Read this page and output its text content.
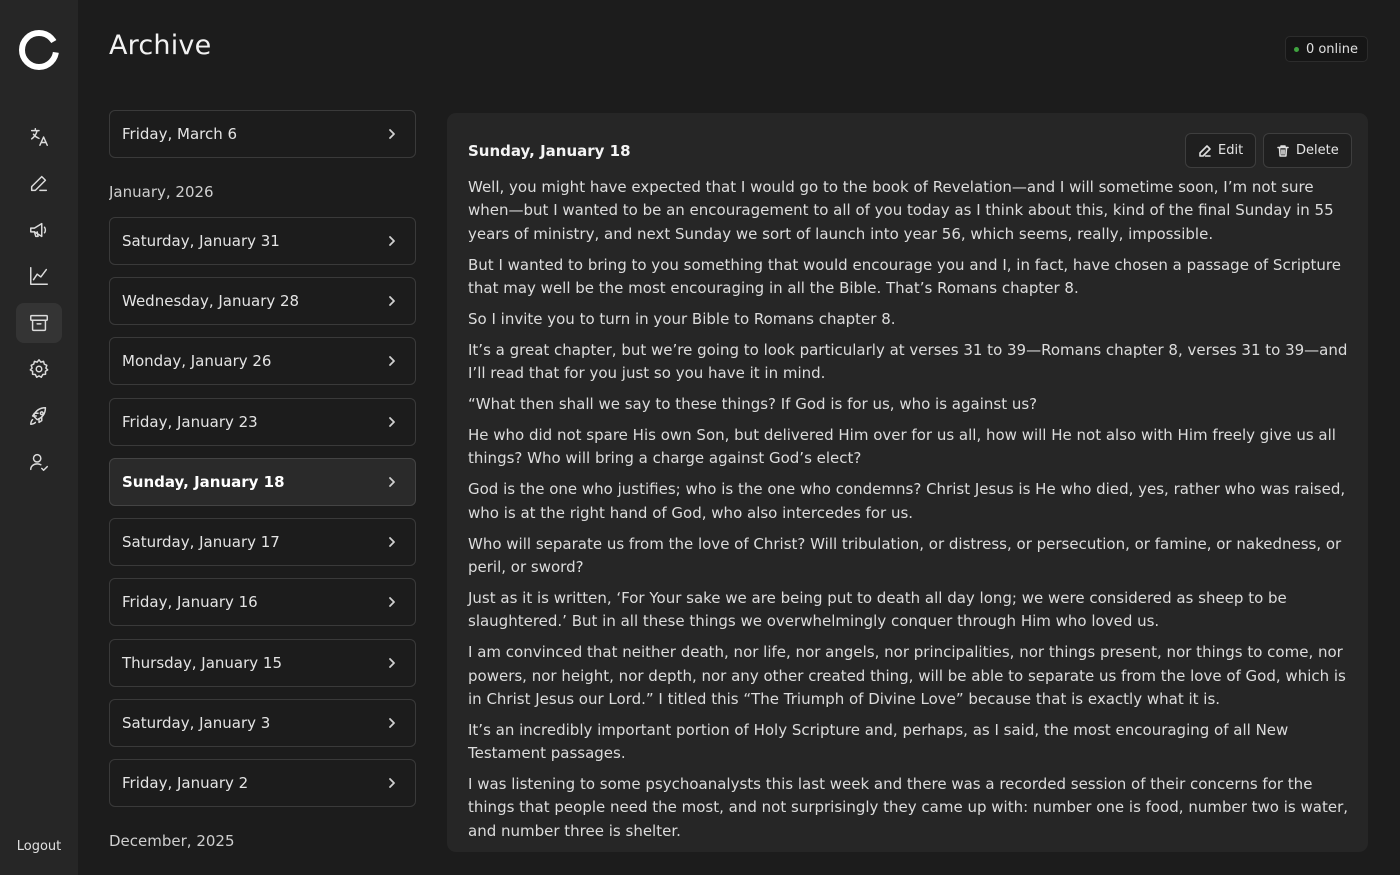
Logout
Archive	0 online
Friday, March 6
January, 2026
Saturday, January 31
Wednesday, January 28
Monday, January 26
Friday, January 23
Sunday, January 18
Saturday, January 17
Friday, January 16
Thursday, January 15
Saturday, January 3
Friday, January 2
December, 2025
Sunday, January 18	Edit	Delete

Well, you might have expected that I would go to the book of Revelation—and I will sometime soon, I’m not sure when—but I wanted to be an encouragement to all of you today as I think about this, kind of the final Sunday in 55 years of ministry, and next Sunday we sort of launch into year 56, which seems, really, impossible.

But I wanted to bring to you something that would encourage you and I, in fact, have chosen a passage of Scripture that may well be the most encouraging in all the Bible. That’s Romans chapter 8.

So I invite you to turn in your Bible to Romans chapter 8.

It’s a great chapter, but we’re going to look particularly at verses 31 to 39—Romans chapter 8, verses 31 to 39—and I’ll read that for you just so you have it in mind.

“What then shall we say to these things? If God is for us, who is against us?

He who did not spare His own Son, but delivered Him over for us all, how will He not also with Him freely give us all things? Who will bring a charge against God’s elect?

God is the one who justifies; who is the one who condemns? Christ Jesus is He who died, yes, rather who was raised, who is at the right hand of God, who also intercedes for us.

Who will separate us from the love of Christ? Will tribulation, or distress, or persecution, or famine, or nakedness, or peril, or sword?

Just as it is written, ‘For Your sake we are being put to death all day long; we were considered as sheep to be slaughtered.’ But in all these things we overwhelmingly conquer through Him who loved us.

I am convinced that neither death, nor life, nor angels, nor principalities, nor things present, nor things to come, nor powers, nor height, nor depth, nor any other created thing, will be able to separate us from the love of God, which is in Christ Jesus our Lord.” I titled this “The Triumph of Divine Love” because that is exactly what it is.

It’s an incredibly important portion of Holy Scripture and, perhaps, as I said, the most encouraging of all New Testament passages.

I was listening to some psychoanalysts this last week and there was a recorded session of their concerns for the things that people need the most, and not surprisingly they came up with: number one is food, number two is water, and number three is shelter.
